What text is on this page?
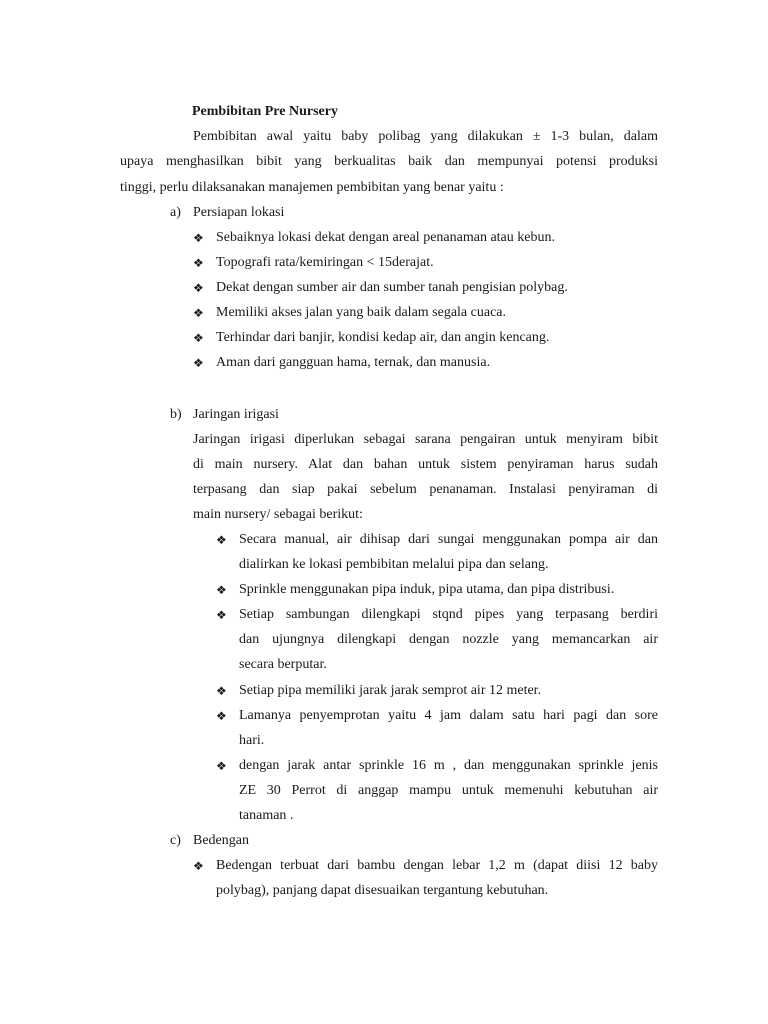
Pembibitan Pre Nursery
Pembibitan awal yaitu baby polibag yang dilakukan ± 1-3 bulan, dalam
upaya menghasilkan bibit yang berkualitas baik dan mempunyai potensi produksi
tinggi, perlu dilaksanakan manajemen pembibitan yang benar yaitu :
a) Persiapan lokasi
❖ Sebaiknya lokasi dekat dengan areal penanaman atau kebun.
❖ Topografi rata/kemiringan < 15derajat.
❖ Dekat dengan sumber air dan sumber tanah pengisian polybag.
❖ Memiliki akses jalan yang baik dalam segala cuaca.
❖ Terhindar dari banjir, kondisi kedap air, dan angin kencang.
❖ Aman dari gangguan hama, ternak, dan manusia.
b) Jaringan irigasi
Jaringan irigasi diperlukan sebagai sarana pengairan untuk menyiram bibit
di main nursery. Alat dan bahan untuk sistem penyiraman harus sudah
terpasang dan siap pakai sebelum penanaman. Instalasi penyiraman di
main nursery/ sebagai berikut:
❖ Secara manual, air dihisap dari sungai menggunakan pompa air dan
dialirkan ke lokasi pembibitan melalui pipa dan selang.
❖ Sprinkle menggunakan pipa induk, pipa utama, dan pipa distribusi.
❖ Setiap sambungan dilengkapi stqnd pipes yang terpasang berdiri
dan ujungnya dilengkapi dengan nozzle yang memancarkan air
secara berputar.
❖ Setiap pipa memiliki jarak jarak semprot air 12 meter.
❖ Lamanya penyemprotan yaitu 4 jam dalam satu hari pagi dan sore
hari.
❖ dengan jarak antar sprinkle 16 m , dan menggunakan sprinkle jenis
ZE 30 Perrot di anggap mampu untuk memenuhi kebutuhan air
tanaman .
c) Bedengan
❖ Bedengan terbuat dari bambu dengan lebar 1,2 m (dapat diisi 12 baby
polybag), panjang dapat disesuaikan tergantung kebutuhan.
